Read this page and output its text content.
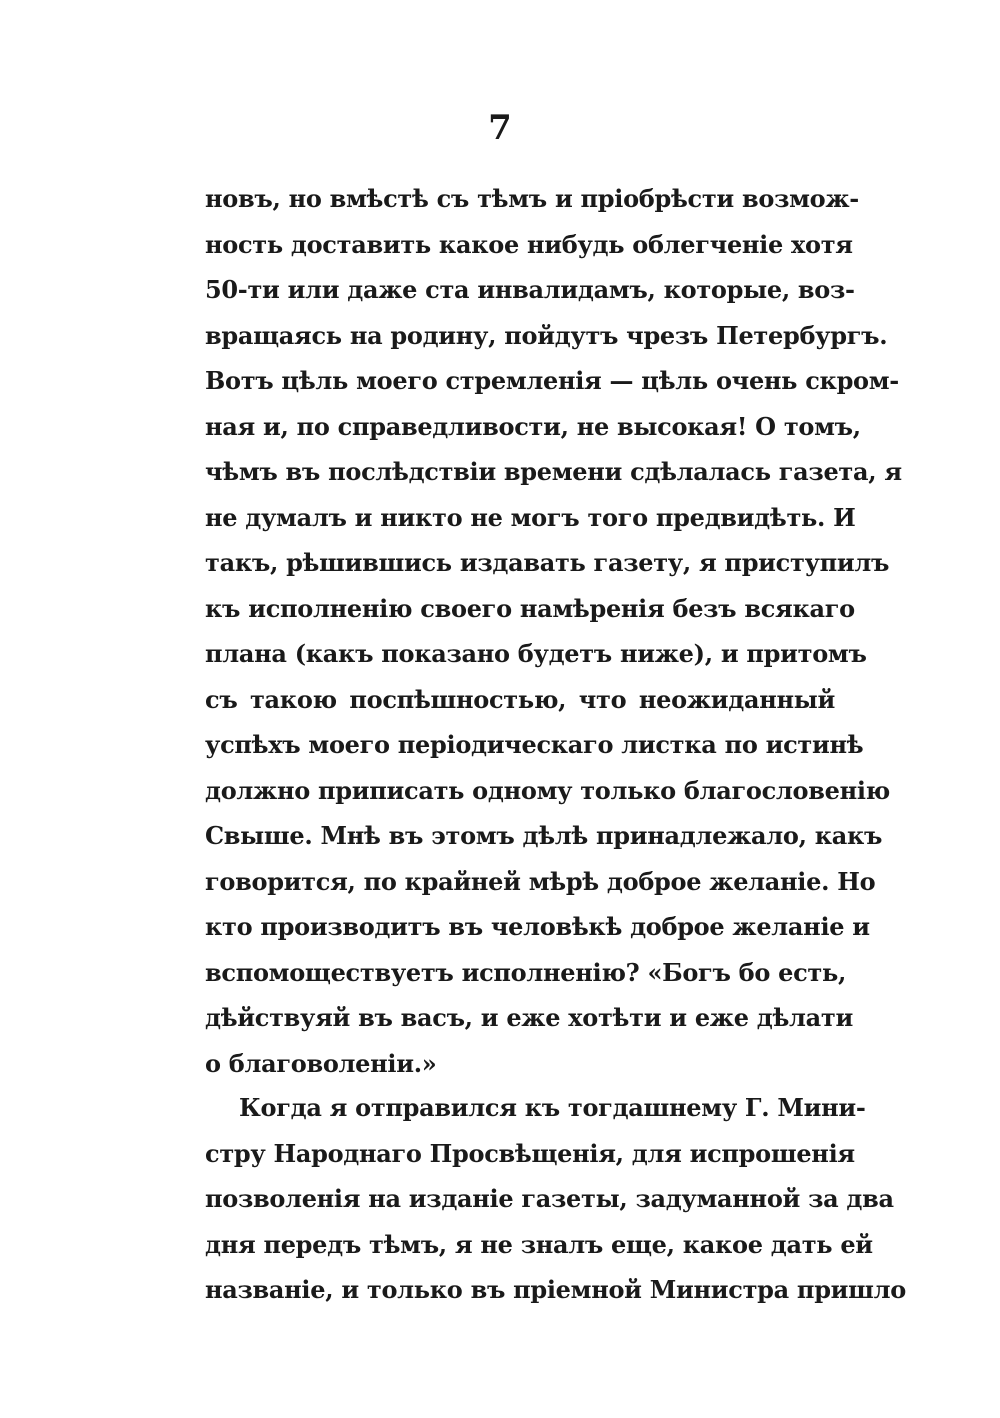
7
новъ, но вмѣстѣ съ тѣмъ и пріобрѣсти возмож-
ность доставить какое нибудь облегченіе хотя
50-ти или даже ста инвалидамъ, которые, воз-
вращаясь на родину, пойдутъ чрезъ Петербургъ.
Вотъ цѣль моего стремленія — цѣль очень скром-
ная и, по справедливости, не высокая! О томъ,
чѣмъ въ послѣдствіи времени сдѣлалась газета, я
не думалъ и никто не могъ того предвидѣть. И
такъ, рѣшившись издавать газету, я приступилъ
къ исполненію своего намѣренія безъ всякаго
плана (какъ показано будетъ ниже), и притомъ
съ такою поспѣшностью, что неожиданный
успѣхъ моего періодическаго листка по истинѣ
должно приписать одному только благословенію
Свыше. Мнѣ въ этомъ дѣлѣ принадлежало, какъ
говорится, по крайней мѣрѣ доброе желаніе. Но
кто производитъ въ человѣкѣ доброе желаніе и
вспомоществуетъ исполненію? «Богъ бо есть,
дѣйствуяй въ васъ, и еже хотѣти и еже дѣлати
о благоволеніи.»
Когда я отправился къ тогдашнему Г. Мини-
стру Народнаго Просвѣщенія, для испрошенія
позволенія на изданіе газеты, задуманной за два
дня передъ тѣмъ, я не зналъ еще, какое дать ей
названіе, и только въ пріемной Министра пришло
